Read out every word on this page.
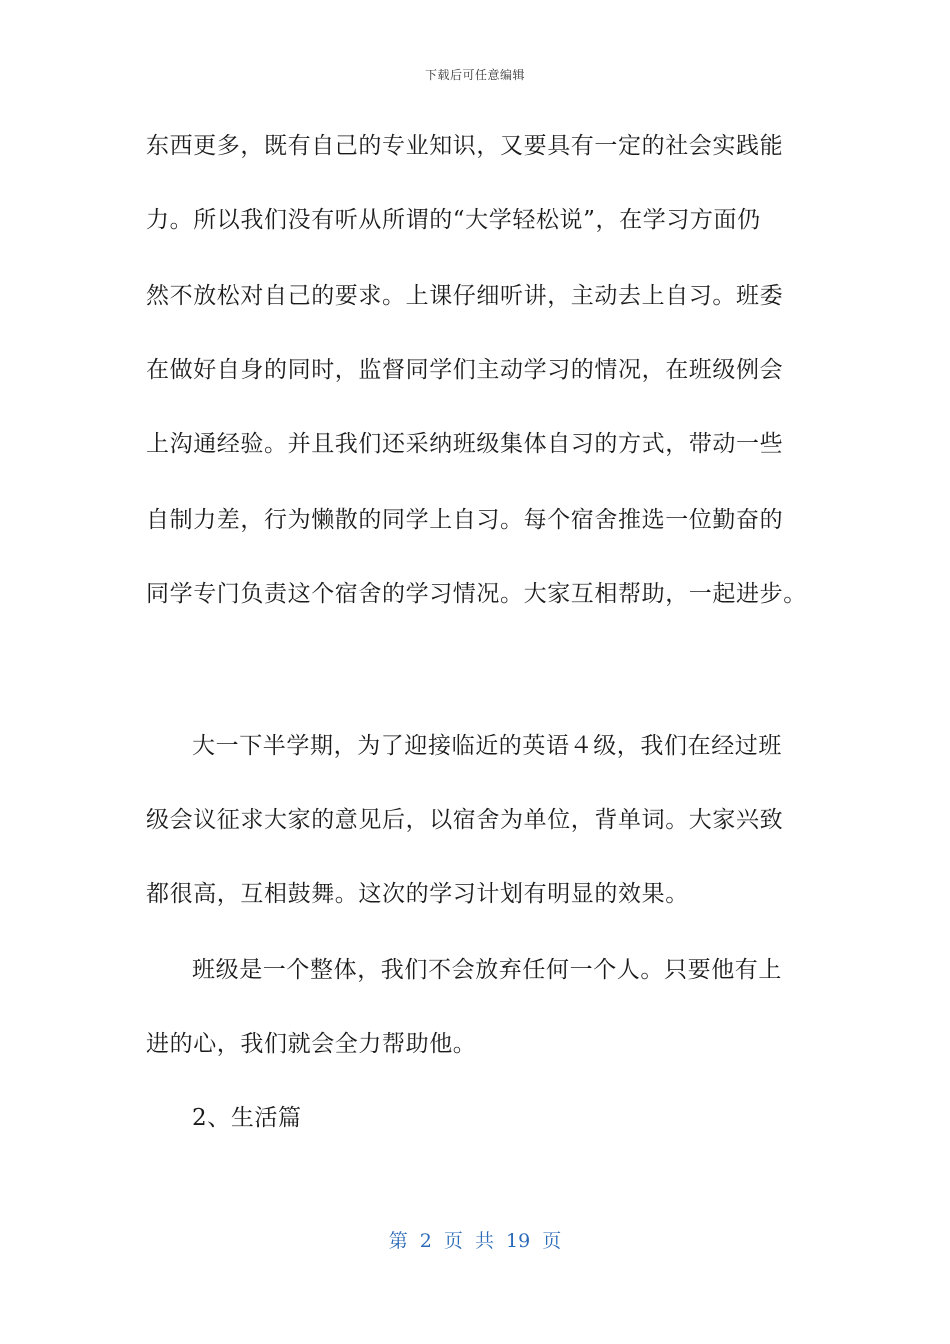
下载后可任意编辑
东西更多，既有自己的专业知识，又要具有一定的社会实践能
力。所以我们没有听从所谓的“大学轻松说”，在学习方面仍
然不放松对自己的要求。上课仔细听讲，主动去上自习。班委
在做好自身的同时，监督同学们主动学习的情况，在班级例会
上沟通经验。并且我们还采纳班级集体自习的方式，带动一些
自制力差，行为懒散的同学上自习。每个宿舍推选一位勤奋的
同学专门负责这个宿舍的学习情况。大家互相帮助，一起进步。
大一下半学期，为了迎接临近的英语４级，我们在经过班
级会议征求大家的意见后，以宿舍为单位，背单词。大家兴致
都很高，互相鼓舞。这次的学习计划有明显的效果。
班级是一个整体，我们不会放弃任何一个人。只要他有上
进的心，我们就会全力帮助他。
2、生活篇
第 2 页 共 19 页
